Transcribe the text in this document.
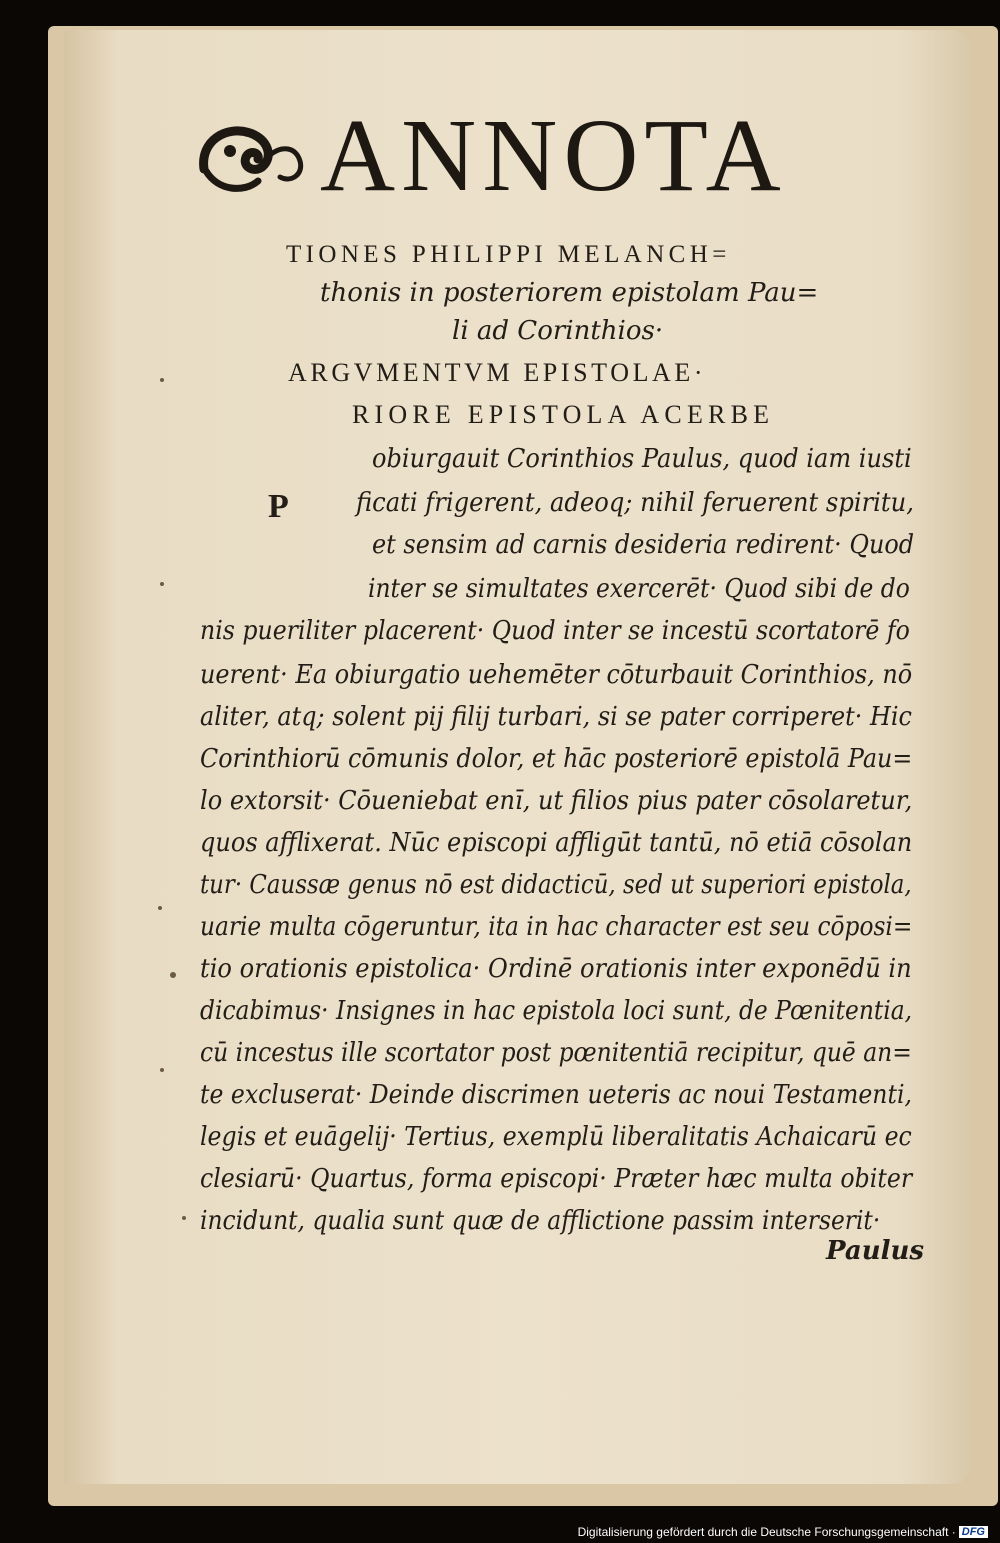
ANNOTA
TIONES PHILIPPI MELANCH=
thonis in posteriorem epistolam Pau=
li ad Corinthios·
ARGVMENTVM EPISTOLAE·
RIORE EPISTOLA ACERBE
P
obiurgauit Corinthios Paulus, quod iam iusti
ficati frigerent, adeoq; nihil feruerent spiritu,
et sensim ad carnis desideria redirent· Quod
inter se simultates exercerēt· Quod sibi de do
nis pueriliter placerent· Quod inter se incestū scortatorē fo
uerent· Ea obiurgatio uehemēter cōturbauit Corinthios, nō
aliter, atq; solent pij filij turbari, si se pater corriperet· Hic
Corinthiorū cōmunis dolor, et hāc posteriorē epistolā Pau=
lo extorsit· Cōueniebat enī, ut filios pius pater cōsolaretur,
quos afflixerat. Nūc episcopi affligūt tantū, nō etiā cōsolan
tur· Caussæ genus nō est didacticū, sed ut superiori epistola,
uarie multa cōgeruntur, ita in hac character est seu cōposi=
tio orationis epistolica· Ordinē orationis inter exponēdū in
dicabimus· Insignes in hac epistola loci sunt, de Pœnitentia,
cū incestus ille scortator post pœnitentiā recipitur, quē an=
te excluserat· Deinde discrimen ueteris ac noui Testamenti,
legis et euāgelij· Tertius, exemplū liberalitatis Achaicarū ec
clesiarū· Quartus, forma episcopi· Præter hæc multa obiter
incidunt, qualia sunt quæ de afflictione passim interserit·
Paulus
Digitalisierung gefördert durch die Deutsche Forschungsgemeinschaft · DFG
